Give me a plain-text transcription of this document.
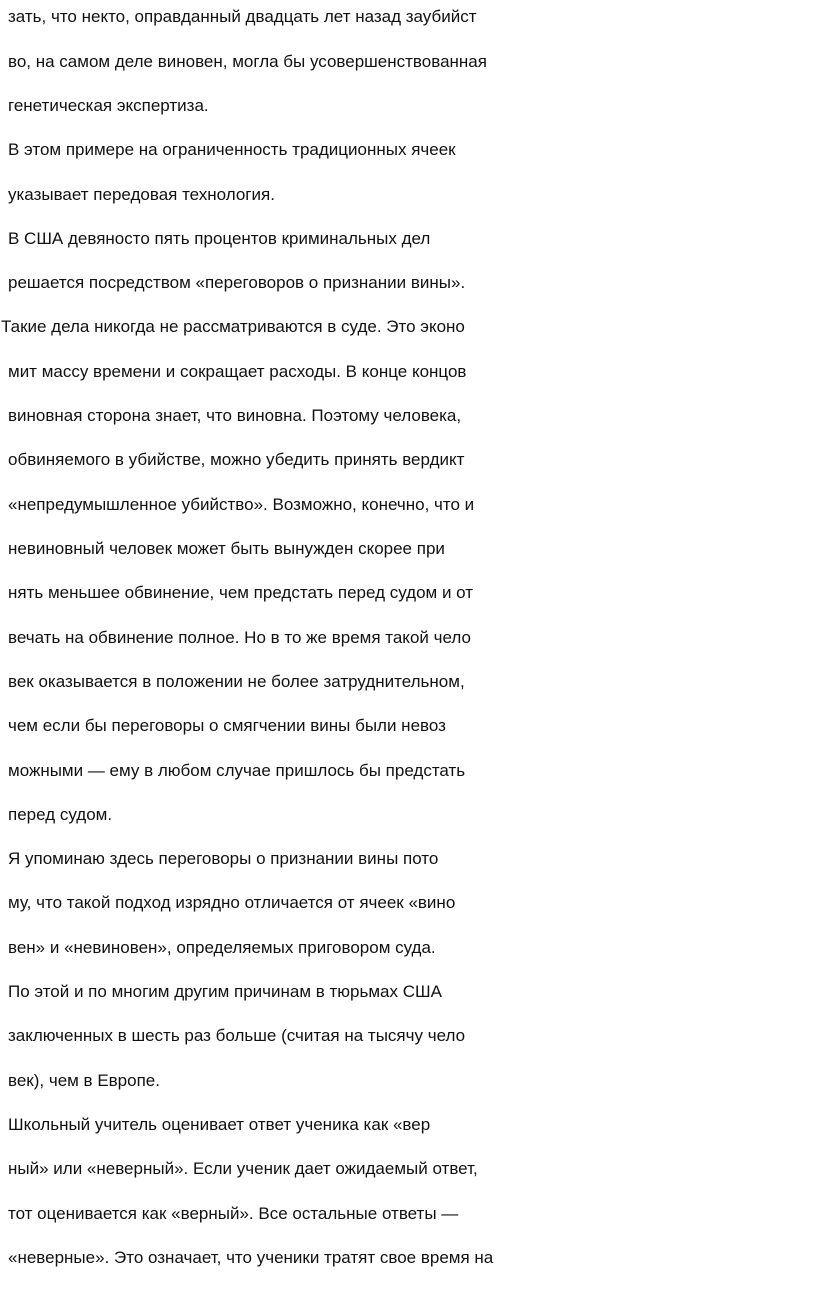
зать, что некто, оправданный двадцать лет назад заубийст
во, на самом деле виновен, могла бы усовершенствованная
генетическая экспертиза.
В этом примере на ограниченность традиционных ячеек
указывает передовая технология.
В США девяносто пять процентов криминальных дел
решается посредством «переговоров о признании вины».
Такие дела никогда не рассматриваются в суде. Это эконо
мит массу времени и сокращает расходы. В конце концов
виновная сторона знает, что виновна. Поэтому человека,
обвиняемого в убийстве, можно убедить принять вердикт
«непредумышленное убийство». Возможно, конечно, что и
невиновный человек может быть вынужден скорее при
нять меньшее обвинение, чем предстать перед судом и от
вечать на обвинение полное. Но в то же время такой чело
век оказывается в положении не более затруднительном,
чем если бы переговоры о смягчении вины были невоз
можными — ему в любом случае пришлось бы предстать
перед судом.
Я упоминаю здесь переговоры о признании вины пото
му, что такой подход изрядно отличается от ячеек «вино
вен» и «невиновен», определяемых приговором суда.
По этой и по многим другим причинам в тюрьмах США
заключенных в шесть раз больше (считая на тысячу чело
век), чем в Европе.
Школьный учитель оценивает ответ ученика как «вер
ный» или «неверный». Если ученик дает ожидаемый ответ,
тот оценивается как «верный». Все остальные ответы —
«неверные». Это означает, что ученики тратят свое время на
